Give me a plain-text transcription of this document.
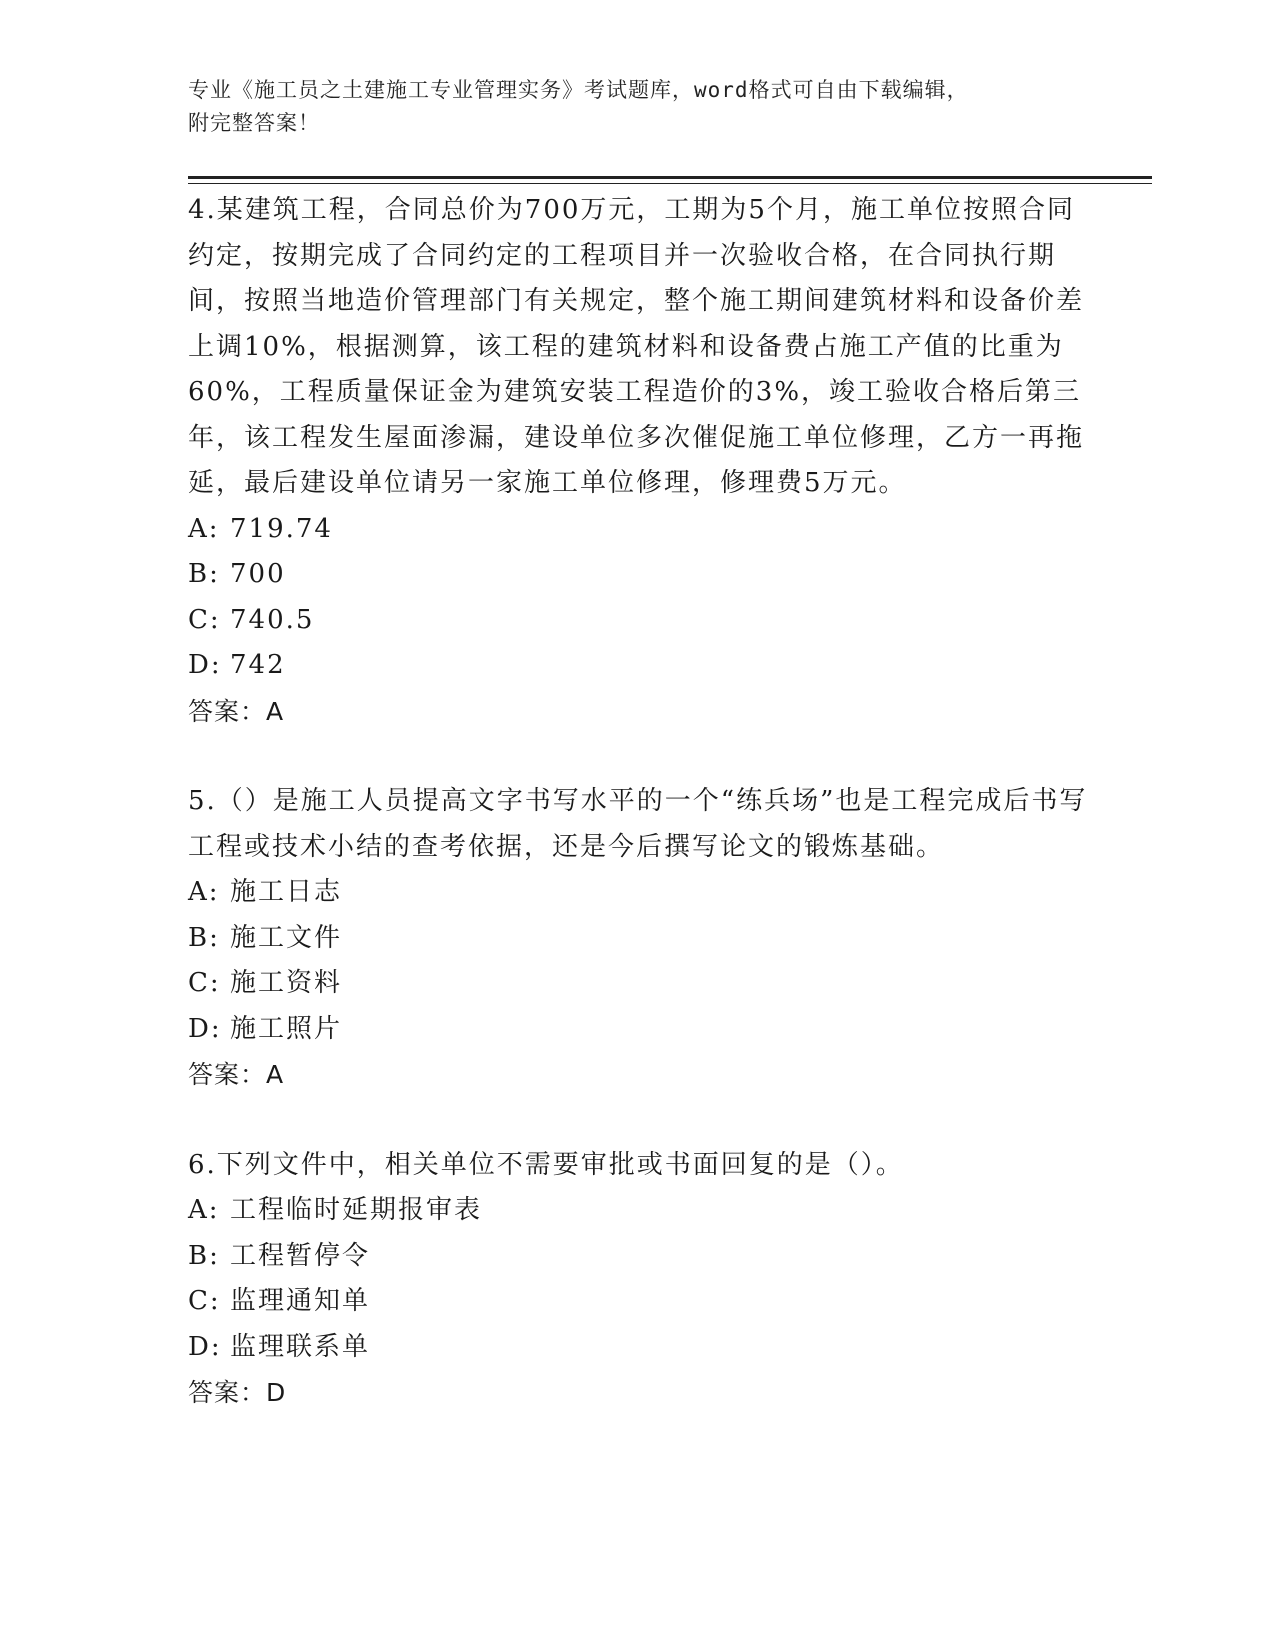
专业《施工员之土建施工专业管理实务》考试题库，word格式可自由下载编辑，
附完整答案！

4.某建筑工程，合同总价为700万元，工期为5个月，施工单位按照合同约定，按期完成了合同约定的工程项目并一次验收合格，在合同执行期间，按照当地造价管理部门有关规定，整个施工期间建筑材料和设备价差上调10%，根据测算，该工程的建筑材料和设备费占施工产值的比重为60%，工程质量保证金为建筑安装工程造价的3%，竣工验收合格后第三年，该工程发生屋面渗漏，建设单位多次催促施工单位修理，乙方一再拖延，最后建设单位请另一家施工单位修理，修理费5万元。

A: 719.74

B: 700

C: 740.5

D: 742

答案：A

5.（）是施工人员提高文字书写水平的一个“练兵场”也是工程完成后书写工程或技术小结的查考依据，还是今后撰写论文的锻炼基础。

A: 施工日志

B: 施工文件

C: 施工资料

D: 施工照片

答案：A

6.下列文件中，相关单位不需要审批或书面回复的是（）。

A: 工程临时延期报审表

B: 工程暂停令

C: 监理通知单

D: 监理联系单

答案：D
